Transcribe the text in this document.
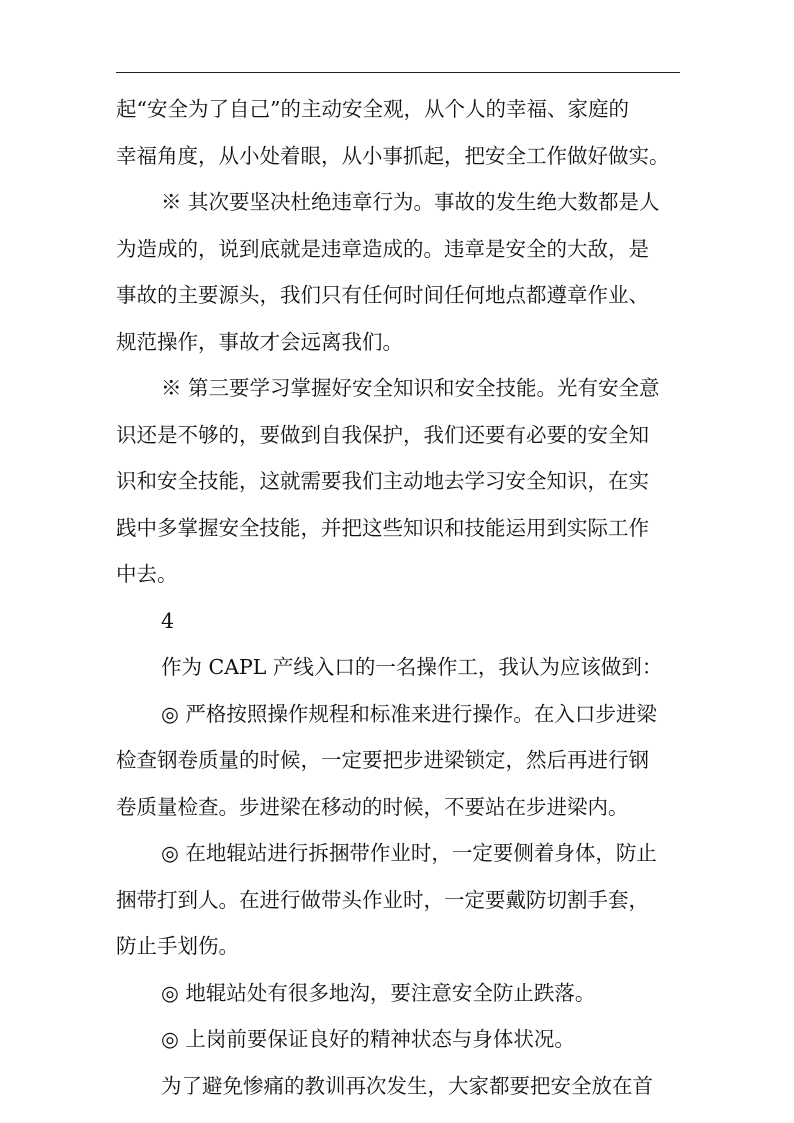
起“安全为了自己”的主动安全观，从个人的幸福、家庭的
幸福角度，从小处着眼，从小事抓起，把安全工作做好做实。
※ 其次要坚决杜绝违章行为。事故的发生绝大数都是人
为造成的，说到底就是违章造成的。违章是安全的大敌，是
事故的主要源头，我们只有任何时间任何地点都遵章作业、
规范操作，事故才会远离我们。
※ 第三要学习掌握好安全知识和安全技能。光有安全意
识还是不够的，要做到自我保护，我们还要有必要的安全知
识和安全技能，这就需要我们主动地去学习安全知识，在实
践中多掌握安全技能，并把这些知识和技能运用到实际工作
中去。
4
作为 CAPL 产线入口的一名操作工，我认为应该做到：
◎ 严格按照操作规程和标准来进行操作。在入口步进梁
检查钢卷质量的时候，一定要把步进梁锁定，然后再进行钢
卷质量检查。步进梁在移动的时候，不要站在步进梁内。
◎ 在地辊站进行拆捆带作业时，一定要侧着身体，防止
捆带打到人。在进行做带头作业时，一定要戴防切割手套，
防止手划伤。
◎ 地辊站处有很多地沟，要注意安全防止跌落。
◎ 上岗前要保证良好的精神状态与身体状况。
为了避免惨痛的教训再次发生，大家都要把安全放在首
